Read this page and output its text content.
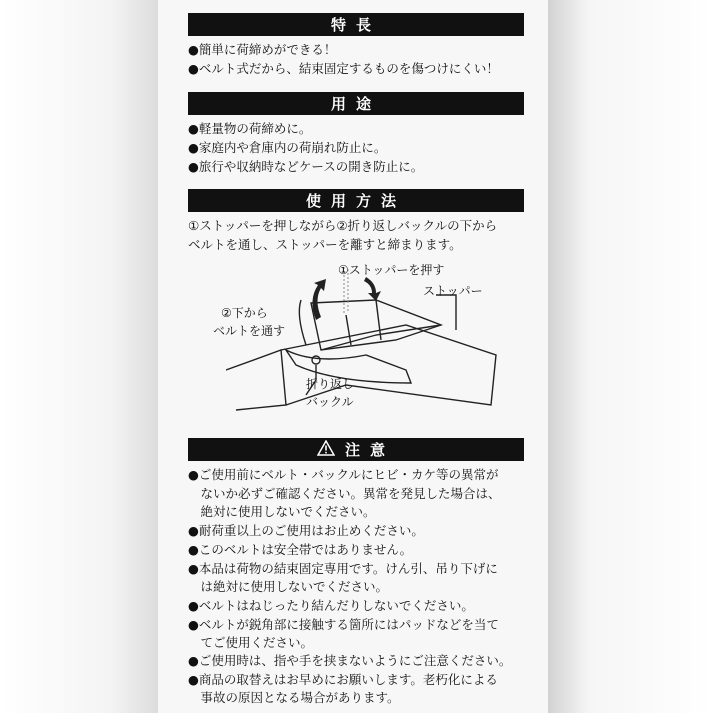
特長
●簡単に荷締めができる！
●ベルト式だから、結束固定するものを傷つけにくい！
用途
●軽量物の荷締めに。
●家庭内や倉庫内の荷崩れ防止に。
●旅行や収納時などケースの開き防止に。
使用方法
①ストッパーを押しながら②折り返しバックルの下から
ベルトを通し、ストッパーを離すと締まります。
①ストッパーを押す
ストッパー
②下から
ベルトを通す
折り返し
バックル
注意
●ご使用前にベルト・バックルにヒビ・カケ等の異常が
　ないか必ずご確認ください。異常を発見した場合は、
　絶対に使用しないでください。
●耐荷重以上のご使用はお止めください。
●このベルトは安全帯ではありません。
●本品は荷物の結束固定専用です。けん引、吊り下げに
　は絶対に使用しないでください。
●ベルトはねじったり結んだりしないでください。
●ベルトが鋭角部に接触する箇所にはパッドなどを当て
　てご使用ください。
●ご使用時は、指や手を挟まないようにご注意ください。
●商品の取替えはお早めにお願いします。老朽化による
　事故の原因となる場合があります。
